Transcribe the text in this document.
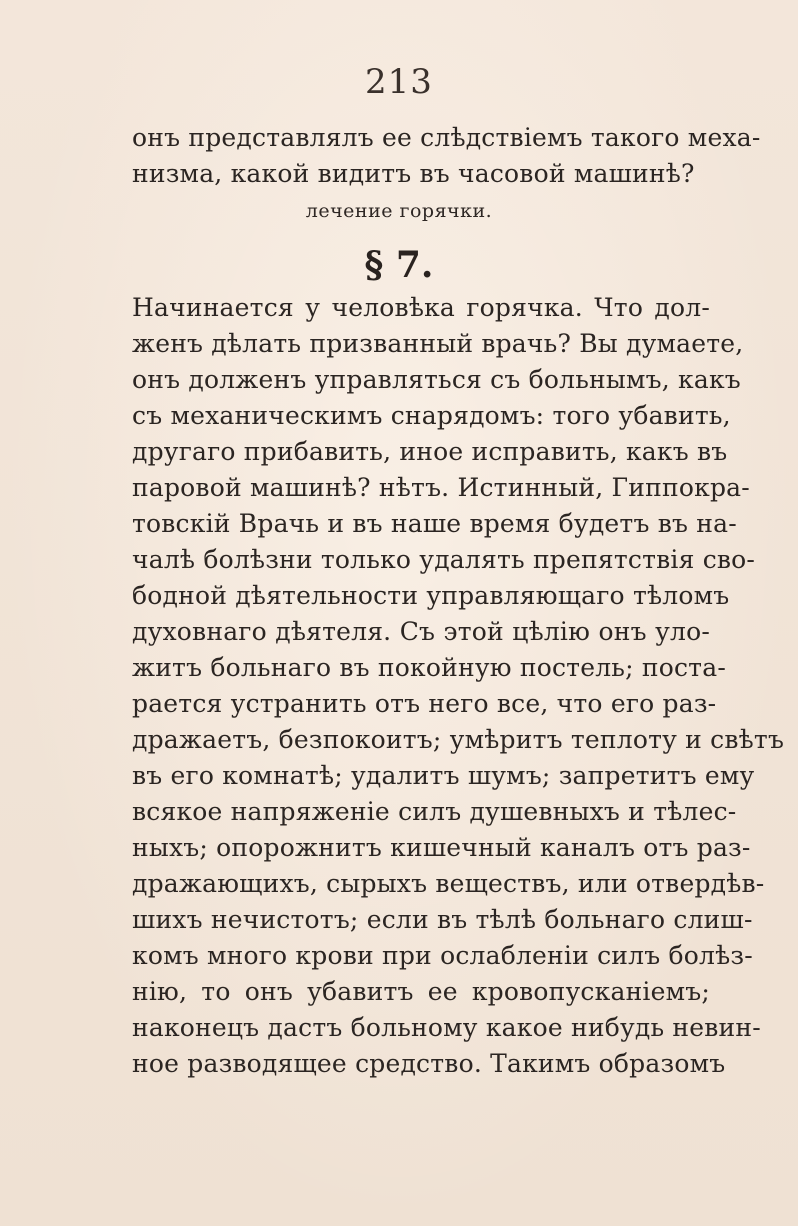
213
онъ представлялъ ее слѣдствіемъ такого меха-
низма, какой видитъ въ часовой машинѣ?
лечение горячки.
§ 7.
Начинается у человѣка горячка. Что дол-
женъ дѣлать призванный врачь? Вы думаете,
онъ долженъ управляться съ больнымъ, какъ
съ механическимъ снарядомъ: того убавить,
другаго прибавить, иное исправить, какъ въ
паровой машинѣ? нѣтъ. Истинный, Гиппокра-
товскій Врачь и въ наше время будетъ въ на-
чалѣ болѣзни только удалять препятствія сво-
бодной дѣятельности управляющаго тѣломъ
духовнаго дѣятеля. Съ этой цѣлію онъ уло-
житъ больнаго въ покойную постель; поста-
рается устранить отъ него все, что его раз-
дражаетъ, безпокоитъ; умѣритъ теплоту и свѣтъ
въ его комнатѣ; удалитъ шумъ; запретитъ ему
всякое напряженіе силъ душевныхъ и тѣлес-
ныхъ; опорожнитъ кишечный каналъ отъ раз-
дражающихъ, сырыхъ веществъ, или отвердѣв-
шихъ нечистотъ; если въ тѣлѣ больнаго слиш-
комъ много крови при ослабленіи силъ болѣз-
нію, то онъ убавитъ ее кровопусканіемъ;
наконецъ дастъ больному какое нибудь невин-
ное разводящее средство. Такимъ образомъ
